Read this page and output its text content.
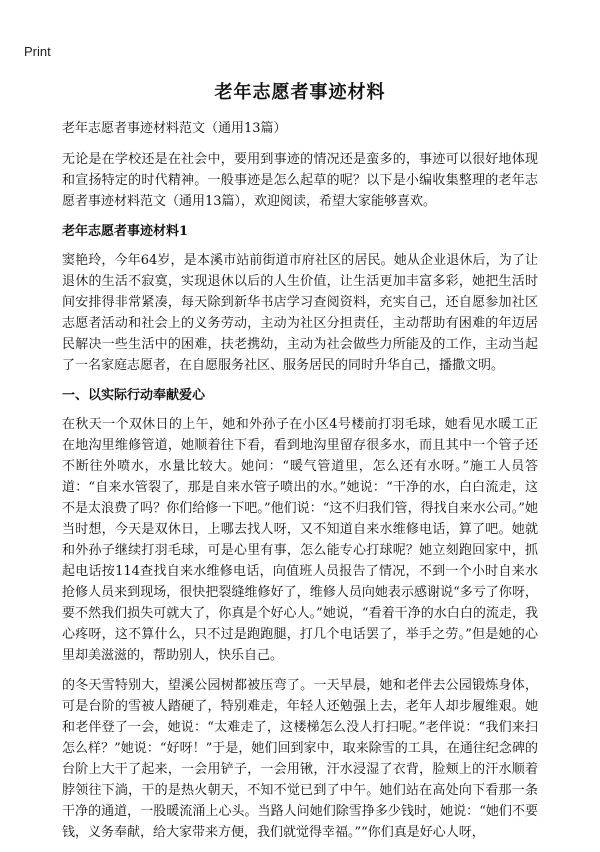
Print
老年志愿者事迹材料
老年志愿者事迹材料范文（通用13篇）

无论是在学校还是在社会中，要用到事迹的情况还是蛮多的，事迹可以很好地体现和宣扬特定的时代精神。一般事迹是怎么起草的呢？以下是小编收集整理的老年志愿者事迹材料范文（通用13篇），欢迎阅读，希望大家能够喜欢。

老年志愿者事迹材料1

窦艳玲，今年64岁，是本溪市站前街道市府社区的居民。她从企业退休后，为了让退休的生活不寂寞，实现退休以后的人生价值，让生活更加丰富多彩，她把生活时间安排得非常紧凑，每天除到新华书店学习查阅资料，充实自己，还自愿参加社区志愿者活动和社会上的义务劳动，主动为社区分担责任，主动帮助有困难的年迈居民解决一些生活中的困难，扶老携幼，主动为社会做些力所能及的工作，主动当起了一名家庭志愿者，在自愿服务社区、服务居民的同时升华自己，播撒文明。

一、以实际行动奉献爱心

在秋天一个双休日的上午，她和外孙子在小区4号楼前打羽毛球，她看见水暖工正在地沟里维修管道，她顺着往下看，看到地沟里留存很多水，而且其中一个管子还不断往外喷水，水量比较大。她问：“暖气管道里，怎么还有水呀。”施工人员答道：“自来水管裂了，那是自来水管子喷出的水。”她说：“干净的水，白白流走，这不是太浪费了吗？你们给修一下吧。”他们说：“这不归我们管，得找自来水公司。”她当时想，今天是双休日，上哪去找人呀，又不知道自来水维修电话，算了吧。她就和外孙子继续打羽毛球，可是心里有事，怎么能专心打球呢？她立刻跑回家中，抓起电话按114查找自来水维修电话，向值班人员报告了情况，不到一个小时自来水抢修人员来到现场，很快把裂缝维修好了，维修人员向她表示感谢说“多亏了你呀，要不然我们损失可就大了，你真是个好心人。”她说，“看着干净的水白白的流走，我心疼呀，这不算什么，只不过是跑跑腿，打几个电话罢了，举手之劳。”但是她的心里却美滋滋的，帮助别人，快乐自己。

的冬天雪特别大，望溪公园树都被压弯了。一天早晨，她和老伴去公园锻炼身体，可是台阶的雪被人踏硬了，特别难走，年轻人还勉强上去，老年人却步履维艰。她和老伴登了一会，她说：“太难走了，这楼梯怎么没人打扫呢。”老伴说：“我们来扫怎么样？”她说：“好呀！”于是，她们回到家中，取来除雪的工具，在通往纪念碑的台阶上大干了起来，一会用铲子，一会用锹，汗水浸湿了衣背，脸颊上的汗水顺着脖领往下淌，干的是热火朝天，不知不觉已到了中午。她们站在高处向下看那一条干净的通道，一股暖流涌上心头。当路人问她们除雪挣多少钱时，她说：“她们不要钱，义务奉献，给大家带来方便，我们就觉得幸福。”“你们真是好心人呀，
